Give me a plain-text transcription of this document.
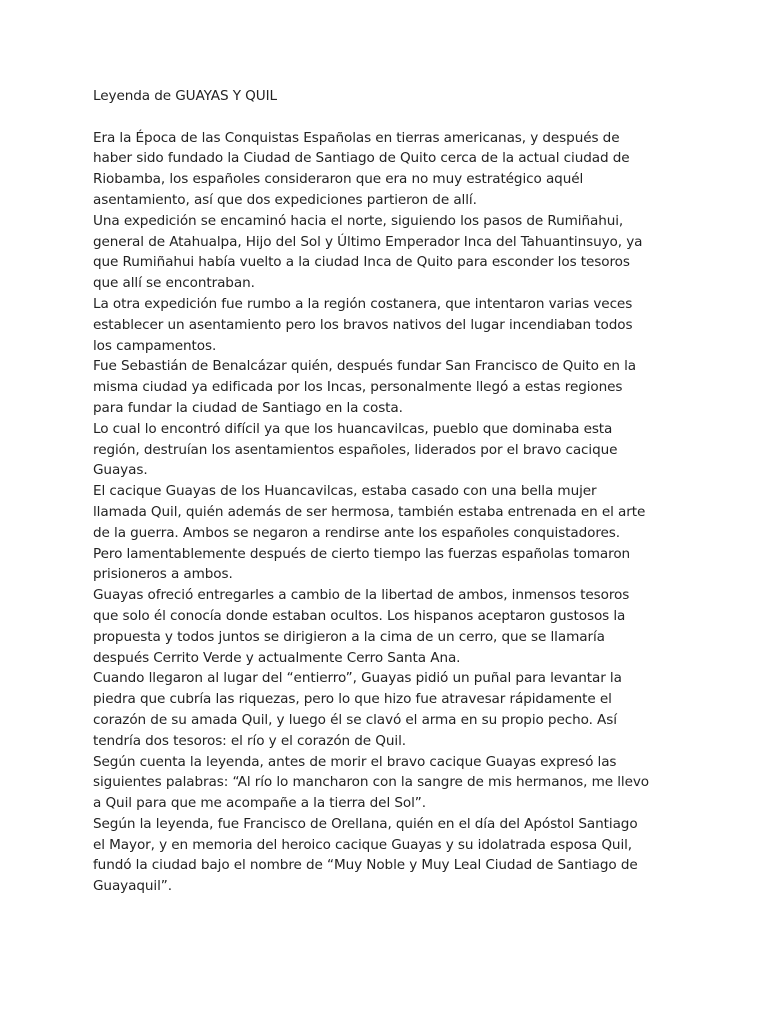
Leyenda de GUAYAS Y QUIL

Era la Época de las Conquistas Españolas en tierras americanas, y después de haber sido fundado la Ciudad de Santiago de Quito cerca de la actual ciudad de Riobamba, los españoles consideraron que era no muy estratégico aquél asentamiento, así que dos expediciones partieron de allí.

Una expedición se encaminó hacia el norte, siguiendo los pasos de Rumiñahui, general de Atahualpa, Hijo del Sol y Último Emperador Inca del Tahuantinsuyo, ya que Rumiñahui había vuelto a la ciudad Inca de Quito para esconder los tesoros que allí se encontraban.

La otra expedición fue rumbo a la región costanera, que intentaron varias veces establecer un asentamiento pero los bravos nativos del lugar incendiaban todos los campamentos.

Fue Sebastián de Benalcázar quién, después fundar San Francisco de Quito en la misma ciudad ya edificada por los Incas, personalmente llegó a estas regiones para fundar la ciudad de Santiago en la costa.

Lo cual lo encontró difícil ya que los huancavilcas, pueblo que dominaba esta región, destruían los asentamientos españoles, liderados por el bravo cacique Guayas.

El cacique Guayas de los Huancavilcas, estaba casado con una bella mujer llamada Quil, quién además de ser hermosa, también estaba entrenada en el arte de la guerra. Ambos se negaron a rendirse ante los españoles conquistadores.

Pero lamentablemente después de cierto tiempo las fuerzas españolas tomaron prisioneros a ambos.

Guayas ofreció entregarles a cambio de la libertad de ambos, inmensos tesoros que solo él conocía donde estaban ocultos. Los hispanos aceptaron gustosos la propuesta y todos juntos se dirigieron a la cima de un cerro, que se llamaría después Cerrito Verde y actualmente Cerro Santa Ana.

Cuando llegaron al lugar del “entierro”, Guayas pidió un puñal para levantar la piedra que cubría las riquezas, pero lo que hizo fue atravesar rápidamente el corazón de su amada Quil, y luego él se clavó el arma en su propio pecho. Así tendría dos tesoros: el río y el corazón de Quil.

Según cuenta la leyenda, antes de morir el bravo cacique Guayas expresó las siguientes palabras: “Al río lo mancharon con la sangre de mis hermanos, me llevo a Quil para que me acompañe a la tierra del Sol”.

Según la leyenda, fue Francisco de Orellana, quién en el día del Apóstol Santiago el Mayor, y en memoria del heroico cacique Guayas y su idolatrada esposa Quil, fundó la ciudad bajo el nombre de “Muy Noble y Muy Leal Ciudad de Santiago de Guayaquil”.
